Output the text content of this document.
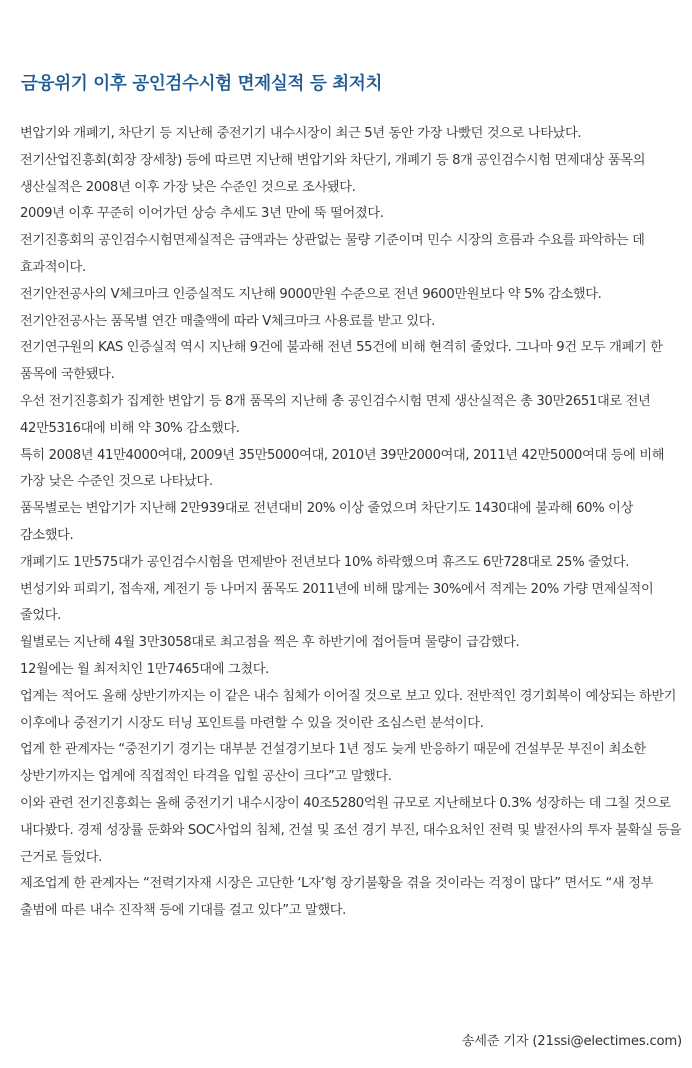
금융위기 이후 공인검수시험 면제실적 등 최저치

변압기와 개폐기, 차단기 등 지난해 중전기기 내수시장이 최근 5년 동안 가장 나빴던 것으로 나타났다.

전기산업진흥회(회장 장세창) 등에 따르면 지난해 변압기와 차단기, 개폐기 등 8개 공인검수시험 면제대상 품목의 생산실적은 2008년 이후 가장 낮은 수준인 것으로 조사됐다.

2009년 이후 꾸준히 이어가던 상승 추세도 3년 만에 뚝 떨어졌다.

전기진흥회의 공인검수시험면제실적은 금액과는 상관없는 물량 기준이며 민수 시장의 흐름과 수요를 파악하는 데 효과적이다.

전기안전공사의 V체크마크 인증실적도 지난해 9000만원 수준으로 전년 9600만원보다 약 5% 감소했다. 전기안전공사는 품목별 연간 매출액에 따라 V체크마크 사용료를 받고 있다.

전기연구원의 KAS 인증실적 역시 지난해 9건에 불과해 전년 55건에 비해 현격히 줄었다. 그나마 9건 모두 개폐기 한 품목에 국한됐다.

우선 전기진흥회가 집계한 변압기 등 8개 품목의 지난해 총 공인검수시험 면제 생산실적은 총 30만2651대로 전년 42만5316대에 비해 약 30% 감소했다.

특히 2008년 41만4000여대, 2009년 35만5000여대, 2010년 39만2000여대, 2011년 42만5000여대 등에 비해 가장 낮은 수준인 것으로 나타났다.

품목별로는 변압기가 지난해 2만939대로 전년대비 20% 이상 줄었으며 차단기도 1430대에 불과해 60% 이상 감소했다.

개폐기도 1만575대가 공인검수시험을 면제받아 전년보다 10% 하락했으며 휴즈도 6만728대로 25% 줄었다.

변성기와 피뢰기, 접속재, 계전기 등 나머지 품목도 2011년에 비해 많게는 30%에서 적게는 20% 가량 면제실적이 줄었다.

월별로는 지난해 4월 3만3058대로 최고점을 찍은 후 하반기에 접어들며 물량이 급감했다.

12월에는 월 최저치인 1만7465대에 그쳤다.

업계는 적어도 올해 상반기까지는 이 같은 내수 침체가 이어질 것으로 보고 있다. 전반적인 경기회복이 예상되는 하반기 이후에나 중전기기 시장도 터닝 포인트를 마련할 수 있을 것이란 조심스런 분석이다.

업계 한 관계자는 “중전기기 경기는 대부분 건설경기보다 1년 정도 늦게 반응하기 때문에 건설부문 부진이 최소한 상반기까지는 업계에 직접적인 타격을 입힐 공산이 크다”고 말했다.

이와 관련 전기진흥회는 올해 중전기기 내수시장이 40조5280억원 규모로 지난해보다 0.3% 성장하는 데 그칠 것으로 내다봤다. 경제 성장률 둔화와 SOC사업의 침체, 건설 및 조선 경기 부진, 대수요처인 전력 및 발전사의 투자 불확실 등을 근거로 들었다.

제조업계 한 관계자는 “전력기자재 시장은 고단한 ‘L자’형 장기불황을 겪을 것이라는 걱정이 많다” 면서도 “새 정부 출범에 따른 내수 진작책 등에 기대를 걸고 있다”고 말했다.

송세준 기자 (21ssi@electimes.com)
